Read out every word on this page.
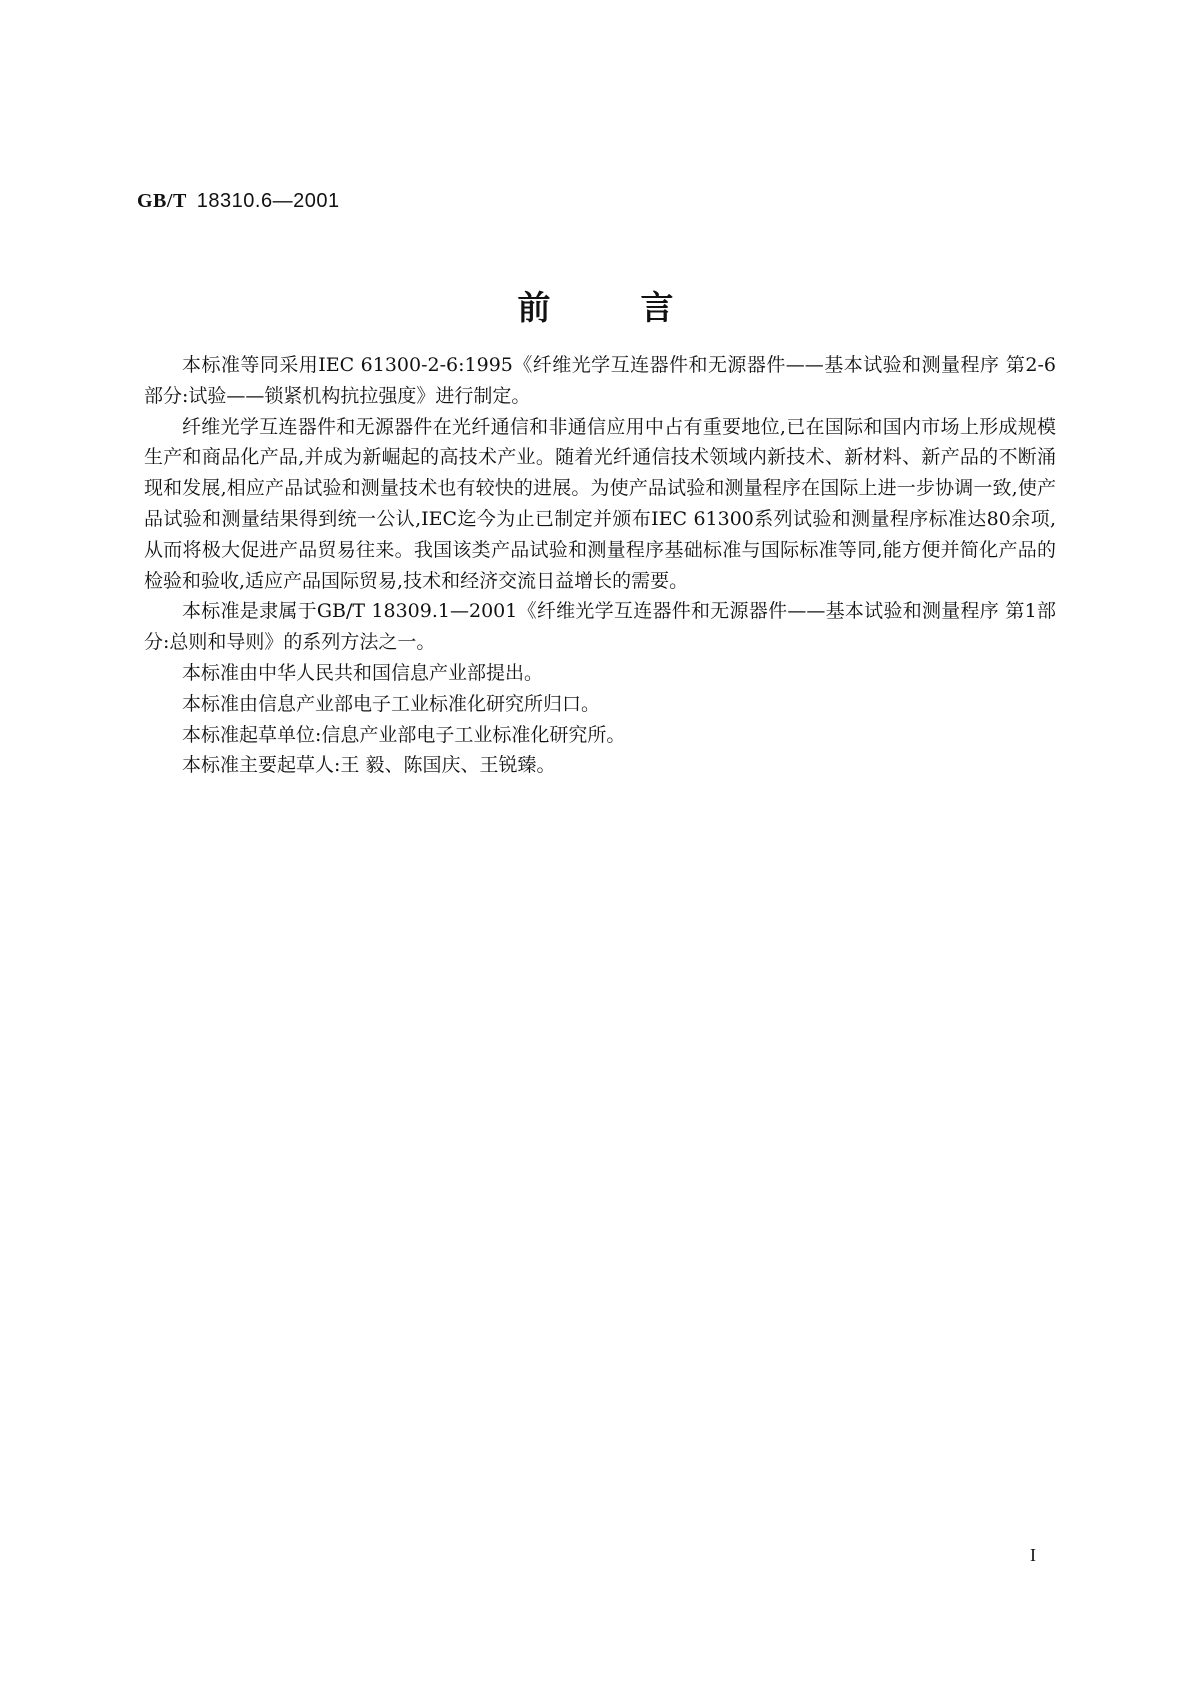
GB/T 18310.6—2001
前	言

本标准等同采用IEC 61300-2-6:1995《纤维光学互连器件和无源器件——基本试验和测量程序 第2-6部分:试验——锁紧机构抗拉强度》进行制定。

纤维光学互连器件和无源器件在光纤通信和非通信应用中占有重要地位,已在国际和国内市场上形成规模生产和商品化产品,并成为新崛起的高技术产业。随着光纤通信技术领域内新技术、新材料、新产品的不断涌现和发展,相应产品试验和测量技术也有较快的进展。为使产品试验和测量程序在国际上进一步协调一致,使产品试验和测量结果得到统一公认,IEC迄今为止已制定并颁布IEC 61300系列试验和测量程序标准达80余项,从而将极大促进产品贸易往来。我国该类产品试验和测量程序基础标准与国际标准等同,能方便并简化产品的检验和验收,适应产品国际贸易,技术和经济交流日益增长的需要。

本标准是隶属于GB/T 18309.1—2001《纤维光学互连器件和无源器件——基本试验和测量程序 第1部分:总则和导则》的系列方法之一。

本标准由中华人民共和国信息产业部提出。

本标准由信息产业部电子工业标准化研究所归口。

本标准起草单位:信息产业部电子工业标准化研究所。

本标准主要起草人:王 毅、陈国庆、王锐臻。

I
